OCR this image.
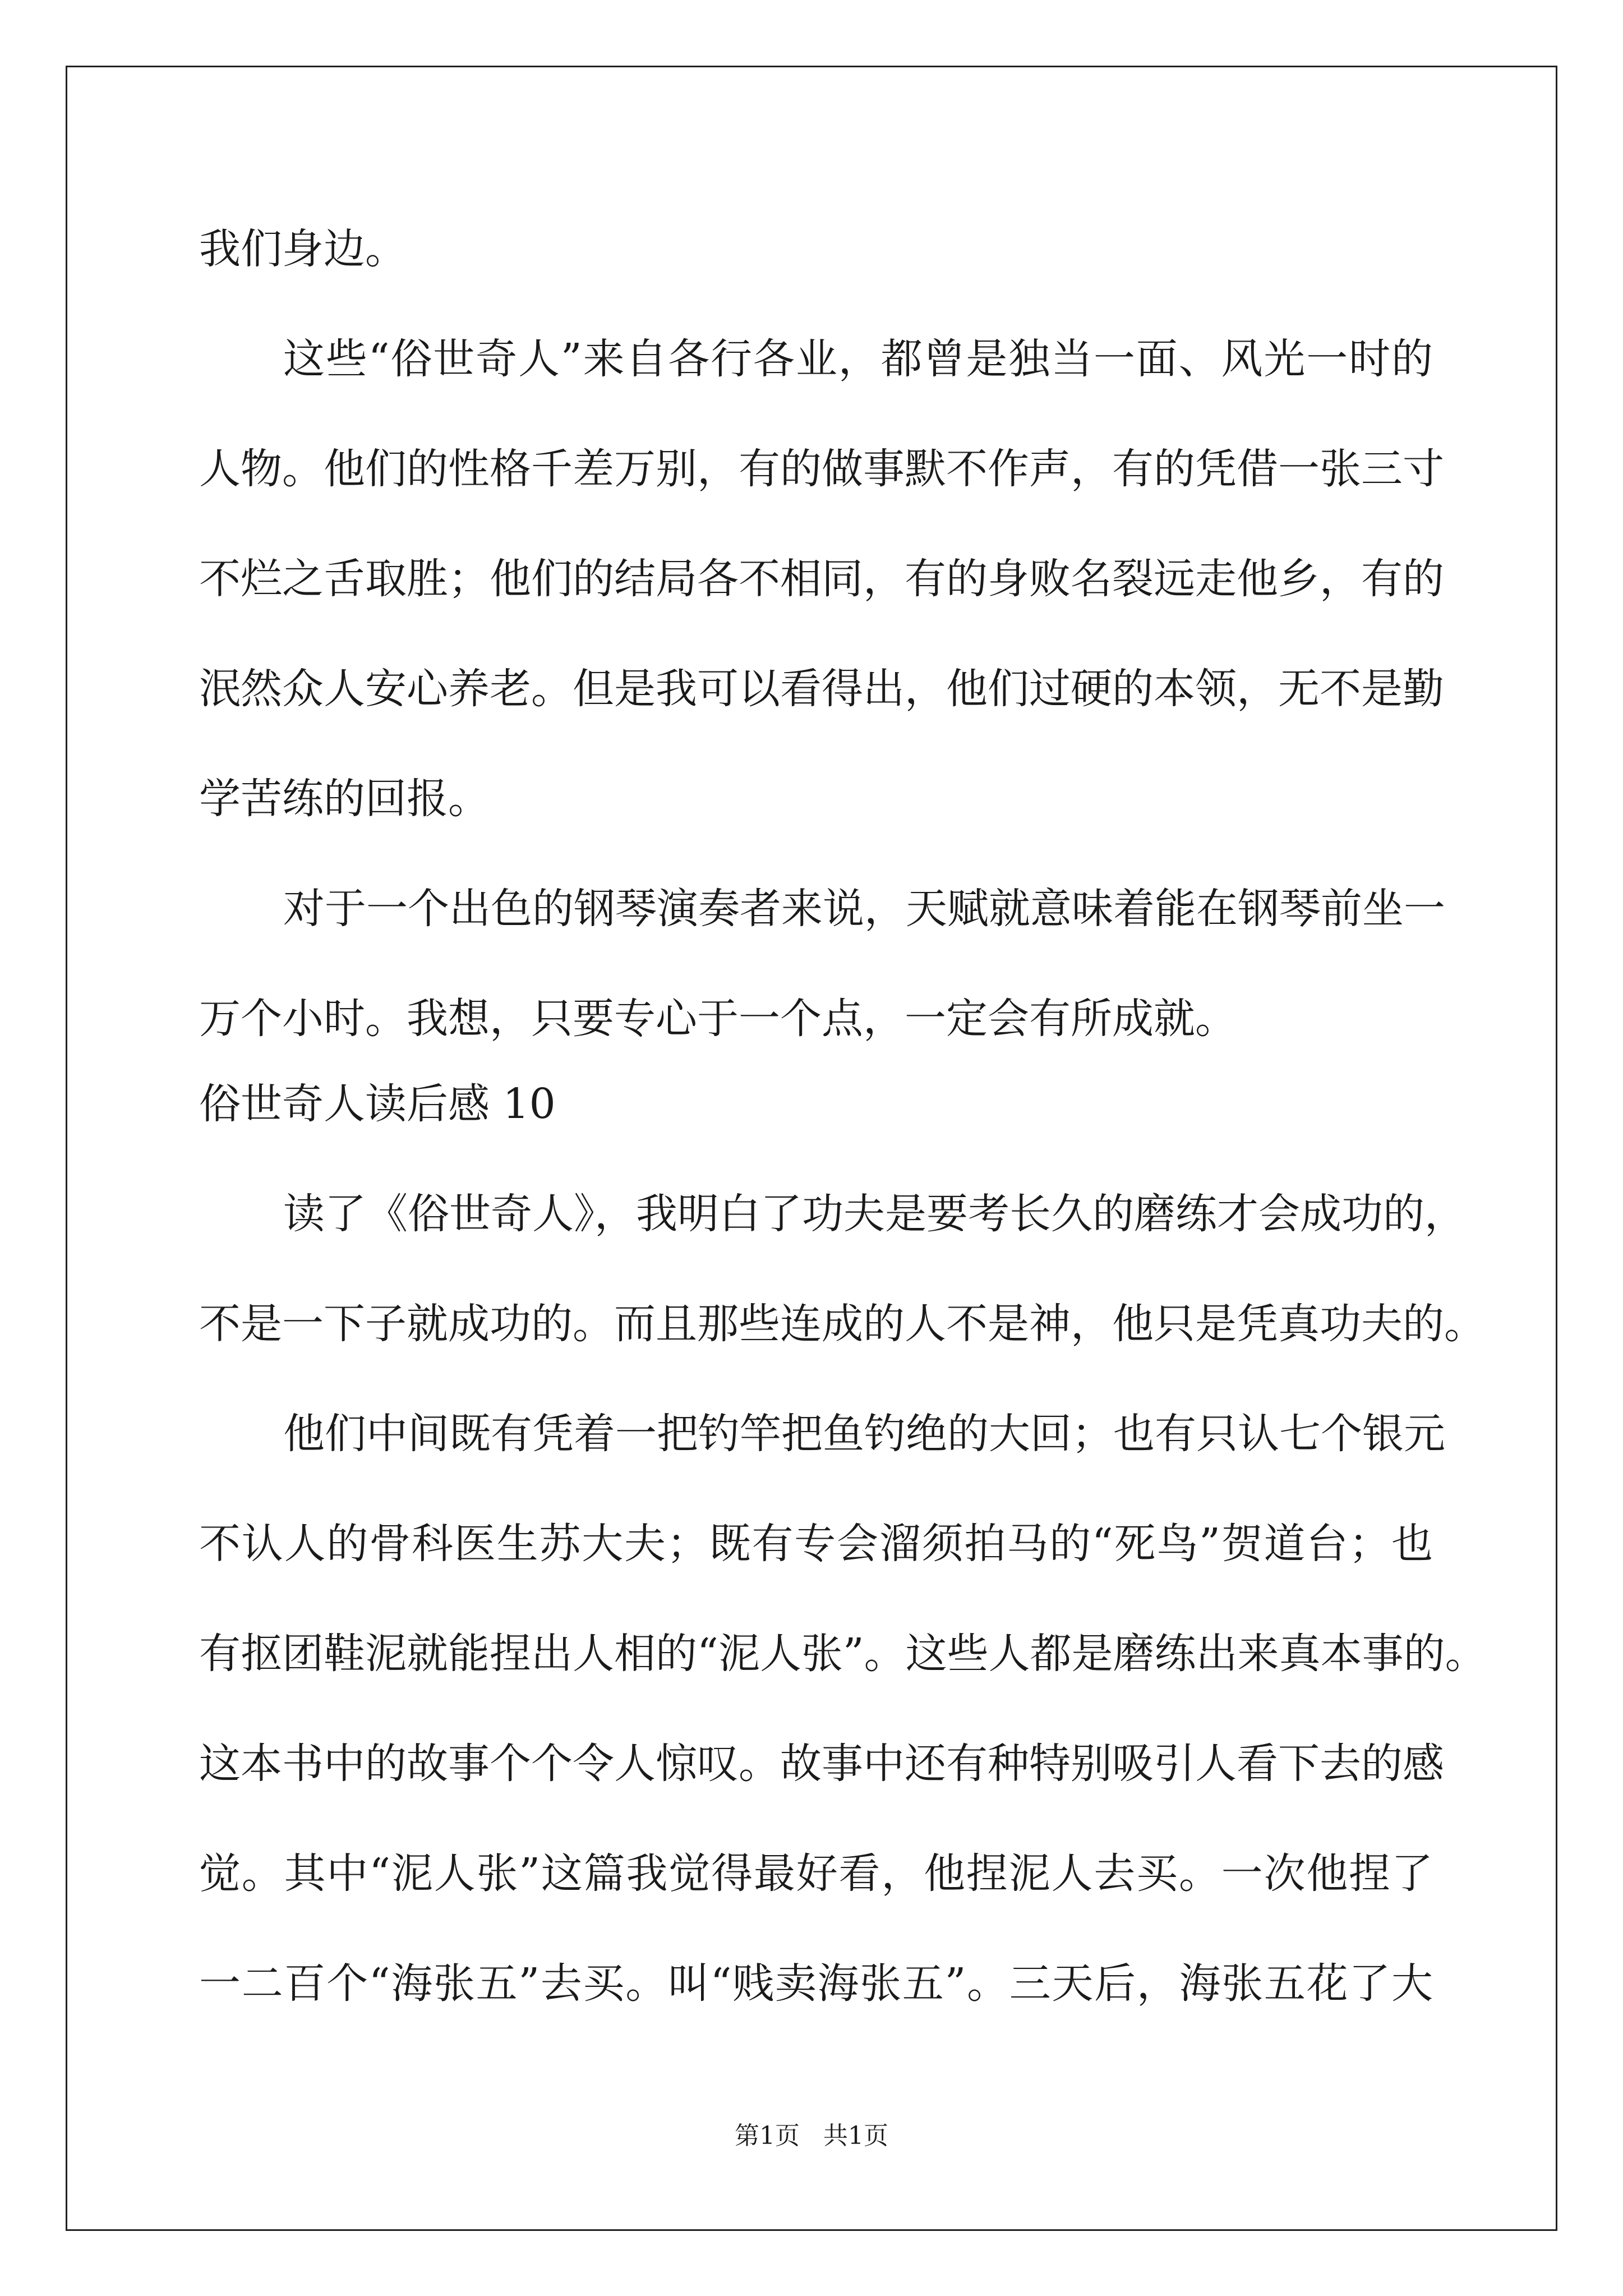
我们身边。
这些“俗世奇人”来自各行各业，都曾是独当一面、风光一时的
人物。他们的性格千差万别，有的做事默不作声，有的凭借一张三寸
不烂之舌取胜；他们的结局各不相同，有的身败名裂远走他乡，有的
泯然众人安心养老。但是我可以看得出，他们过硬的本领，无不是勤
学苦练的回报。
对于一个出色的钢琴演奏者来说，天赋就意味着能在钢琴前坐一
万个小时。我想，只要专心于一个点，一定会有所成就。
俗世奇人读后感 10
读了《俗世奇人》，我明白了功夫是要考长久的磨练才会成功的，
不是一下子就成功的。而且那些连成的人不是神，他只是凭真功夫的。
他们中间既有凭着一把钓竿把鱼钓绝的大回；也有只认七个银元
不认人的骨科医生苏大夫；既有专会溜须拍马的“死鸟”贺道台；也
有抠团鞋泥就能捏出人相的“泥人张”。这些人都是磨练出来真本事的。
这本书中的故事个个令人惊叹。故事中还有种特别吸引人看下去的感
觉。其中“泥人张”这篇我觉得最好看，他捏泥人去买。一次他捏了
一二百个“海张五”去买。叫“贱卖海张五”。三天后，海张五花了大
第1页   共1页
